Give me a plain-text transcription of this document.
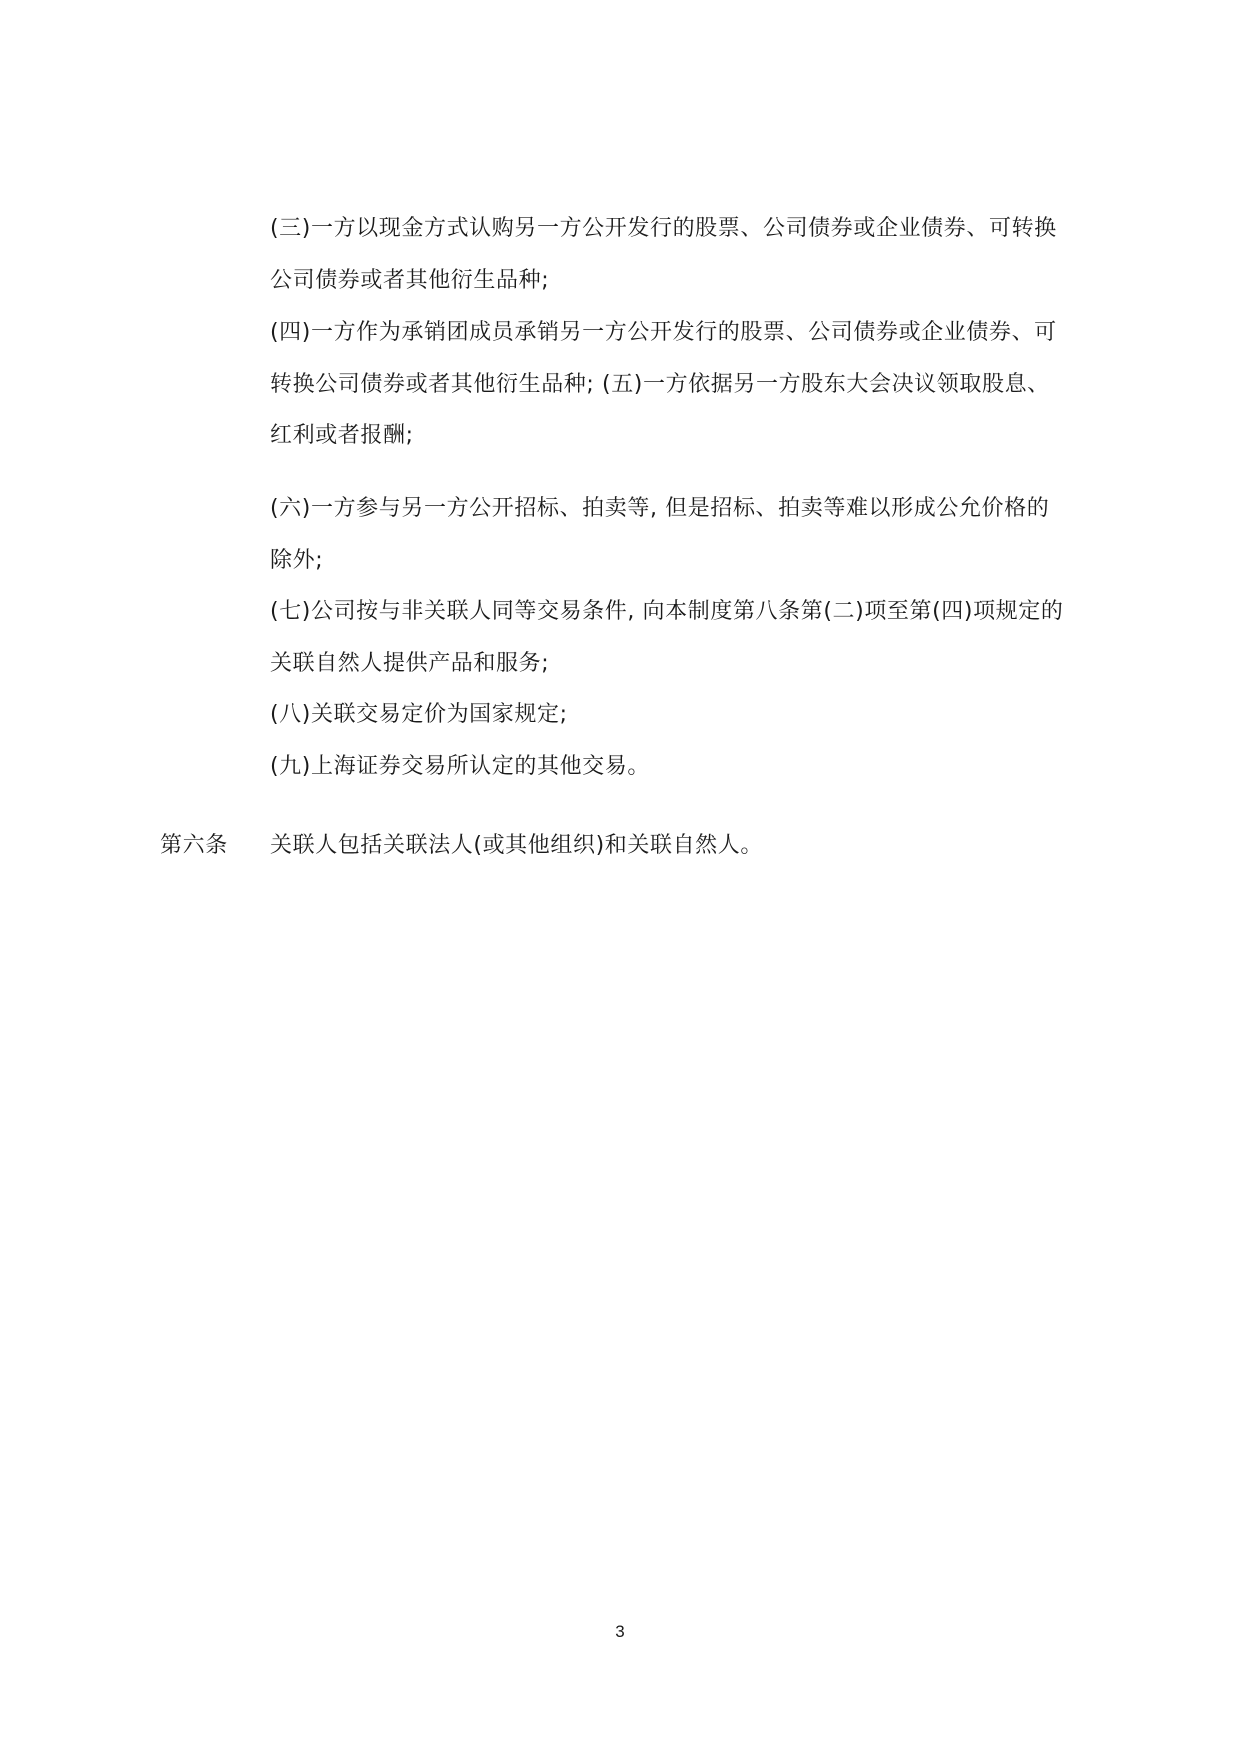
(三)一方以现金方式认购另一方公开发行的股票、公司债券或企业债券、可转换
公司债券或者其他衍生品种;
(四)一方作为承销团成员承销另一方公开发行的股票、公司债券或企业债券、可
转换公司债券或者其他衍生品种; (五)一方依据另一方股东大会决议领取股息、
红利或者报酬;
(六)一方参与另一方公开招标、拍卖等, 但是招标、拍卖等难以形成公允价格的
除外;
(七)公司按与非关联人同等交易条件, 向本制度第八条第(二)项至第(四)项规定的
关联自然人提供产品和服务;
(八)关联交易定价为国家规定;
(九)上海证券交易所认定的其他交易。
第六条 关联人包括关联法人(或其他组织)和关联自然人。
3
